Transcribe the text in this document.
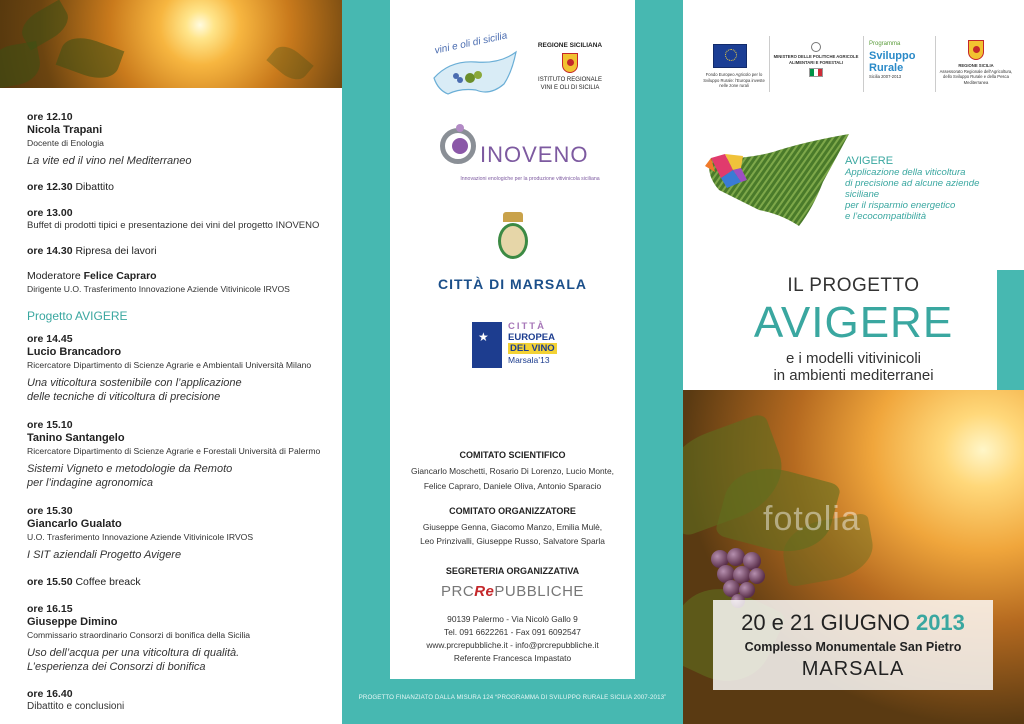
ore 12.10
Nicola Trapani
Docente di Enologia
La vite ed il vino nel Mediterraneo
ore 12.30 Dibattito
ore 13.00
Buffet di prodotti tipici e presentazione dei vini del progetto INOVENO
ore 14.30 Ripresa dei lavori
Moderatore Felice Capraro
Dirigente U.O. Trasferimento Innovazione Aziende Vitivinicole IRVOS
Progetto AVIGERE
ore 14.45
Lucio Brancadoro
Ricercatore Dipartimento di Scienze Agrarie e Ambientali Università Milano
Una viticoltura sostenibile con l’applicazione
delle tecniche di viticoltura di precisione
ore 15.10
Tanino Santangelo
Ricercatore Dipartimento di Scienze Agrarie e Forestali Università di Palermo
Sistemi Vigneto e metodologie da Remoto
per l’indagine agronomica
ore 15.30
Giancarlo Gualato
U.O. Trasferimento Innovazione Aziende Vitivinicole IRVOS
I SIT aziendali Progetto Avigere
ore 15.50 Coffee breack
ore 16.15
Giuseppe Dimino
Commissario straordinario Consorzi di bonifica della Sicilia
Uso dell’acqua per una viticoltura di qualità.
L’esperienza dei Consorzi di bonifica
ore 16.40
Dibattito e conclusioni
vini e oli di sicilia	REGIONE SICILIANA
ISTITUTO REGIONALE
VINI E OLI DI SICILIA
INOVENO
Innovazioni enologiche per la produzione vitivinicola siciliana
CITTÀ DI MARSALA
★
CITTÀ
EUROPEA
DEL VINO
Marsala’13
COMITATO SCIENTIFICO
Giancarlo Moschetti, Rosario Di Lorenzo, Lucio Monte,
Felice Capraro, Daniele Oliva, Antonio Sparacio
COMITATO ORGANIZZATORE
Giuseppe Genna, Giacomo Manzo, Emilia Mulè,
Leo Prinzivalli, Giuseppe Russo, Salvatore Sparla
SEGRETERIA ORGANIZZATIVA
PRCRePUBBLICHE
90139 Palermo - Via Nicolò Gallo 9
Tel. 091 6622261 - Fax 091 6092547
www.prcrepubbliche.it - info@prcrepubbliche.it
Referente Francesca Impastato
PROGETTO FINANZIATO DALLA MISURA 124 “PROGRAMMA DI SVILUPPO RURALE SICILIA 2007-2013”
Fondo Europeo Agricolo per lo Sviluppo Rurale: l'Europa investe nelle zone rurali
MINISTERO DELLE POLITICHE AGRICOLE ALIMENTARI E FORESTALI
Programma
Sviluppo
Rurale
Sicilia 2007-2013
REGIONE SICILIA
Assessorato Regionale dell'Agricoltura, dello Sviluppo Rurale e della Pesca Mediterranea
AVIGERE
Applicazione della viticoltura
di precisione ad alcune aziende siciliane
per il risparmio energetico
e l’ecocompatibilità
IL PROGETTO
AVIGERE
e i modelli vitivinicoli
in ambienti mediterranei
fotolia
20 e 21 GIUGNO 2013
Complesso Monumentale San Pietro
MARSALA
